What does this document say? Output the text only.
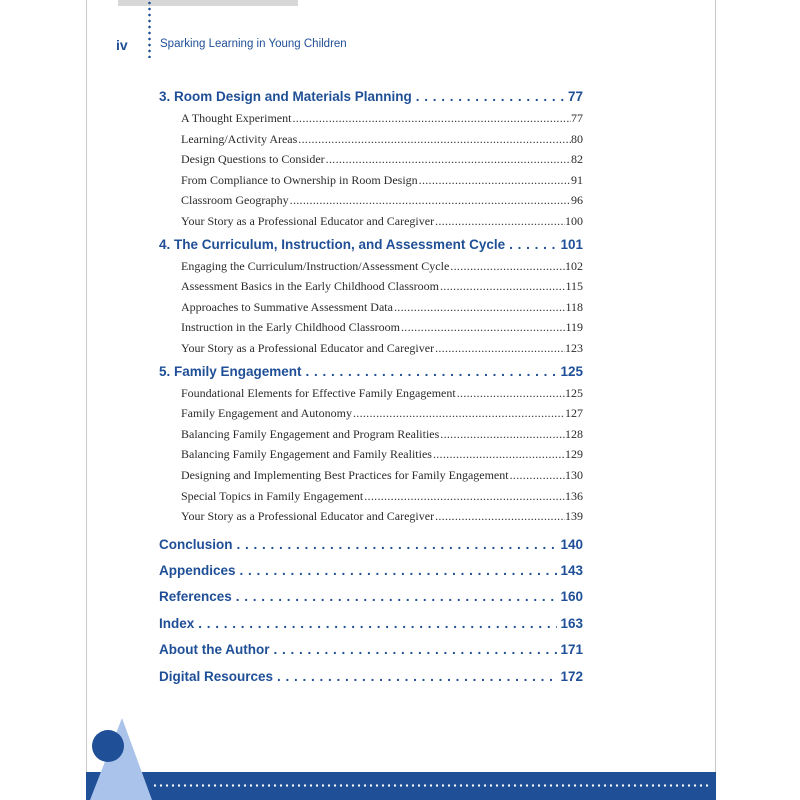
iv	Sparking Learning in Young Children
3. Room Design and Materials Planning . . .	77
A Thought Experiment .....	77
Learning/Activity Areas .....	80
Design Questions to Consider .....	82
From Compliance to Ownership in Room Design .....	91
Classroom Geography .....	96
Your Story as a Professional Educator and Caregiver .....	100
4. The Curriculum, Instruction, and Assessment Cycle . . .	101
Engaging the Curriculum/Instruction/Assessment Cycle .....	102
Assessment Basics in the Early Childhood Classroom .....	115
Approaches to Summative Assessment Data .....	118
Instruction in the Early Childhood Classroom .....	119
Your Story as a Professional Educator and Caregiver .....	123
5. Family Engagement . . .	125
Foundational Elements for Effective Family Engagement .....	125
Family Engagement and Autonomy .....	127
Balancing Family Engagement and Program Realities .....	128
Balancing Family Engagement and Family Realities .....	129
Designing and Implementing Best Practices for Family Engagement .....	130
Special Topics in Family Engagement .....	136
Your Story as a Professional Educator and Caregiver .....	139
Conclusion . . .	140
Appendices . . .	143
References . . .	160
Index . . .	163
About the Author . . .	171
Digital Resources . . .	172
